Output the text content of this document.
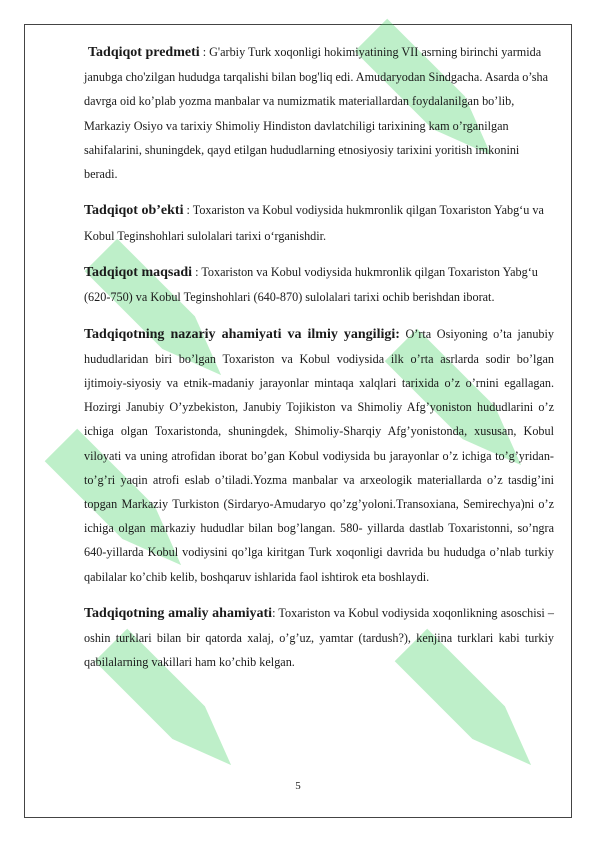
Tadqiqot predmeti : G'arbiy Turk xoqonligi hokimiyatining VII asrning birinchi yarmida janubga cho'zilgan hududga tarqalishi bilan bog'liq edi. Amudaryodan Sindgacha. Asarda o’sha davrga oid ko’plab yozma manbalar va numizmatik materiallardan foydalanilgan bo’lib, Markaziy Osiyo va tarixiy Shimoliy Hindiston davlatchiligi tarixining kam o’rganilgan sahifalarini, shuningdek, qayd etilgan hududlarning etnosiyosiy tarixini yoritish imkonini beradi.

Tadqiqot ob’ekti : Toxariston va Kobul vodiysida hukmronlik qilgan Toxariston Yabg‘u va Kobul Teginshohlari sulolalari tarixi o‘rganishdir.

Tadqiqot maqsadi : Toxariston va Kobul vodiysida hukmronlik qilgan Toxariston Yabg‘u (620-750) va Kobul Teginshohlari (640-870) sulolalari tarixi ochib berishdan iborat.

Tadqiqotning nazariy ahamiyati va ilmiy yangiligi: O’rta Osiyoning o’ta janubiy hududlaridan biri bo’lgan Toxariston va Kobul vodiysida ilk o’rta asrlarda sodir bo’lgan ijtimoiy-siyosiy va etnik-madaniy jarayonlar mintaqa xalqlari tarixida o’z o’rnini egallagan. Hozirgi Janubiy O’yzbekiston, Janubiy Tojikiston va Shimoliy Afg’yoniston hududlarini o’z ichiga olgan Toxaristonda, shuningdek, Shimoliy-Sharqiy Afg’yonistonda, xususan, Kobul viloyati va uning atrofidan iborat bo’gan Kobul vodiysida bu jarayonlar o’z ichiga to’g’yridan-to’g’ri yaqin atrofi eslab o’tiladi.Yozma manbalar va arxeologik materiallarda o’z tasdig’ini topgan Markaziy Turkiston (Sirdaryo-Amudaryo qo’zg’yoloni.Transoxiana, Semirechya)ni o’z ichiga olgan markaziy hududlar bilan bog’langan. 580- yillarda dastlab Toxaristonni, so’ngra 640-yillarda Kobul vodiysini qo’lga kiritgan Turk xoqonligi davrida bu hududga o’nlab turkiy qabilalar ko’chib kelib, boshqaruv ishlarida faol ishtirok eta boshlaydi.

Tadqiqotning amaliy ahamiyati: Toxariston va Kobul vodiysida xoqonlikning asoschisi – oshin turklari bilan bir qatorda xalaj, o’g’uz, yamtar (tardush?), kenjina turklari kabi turkiy qabilalarning vakillari ham ko’chib kelgan.

5
